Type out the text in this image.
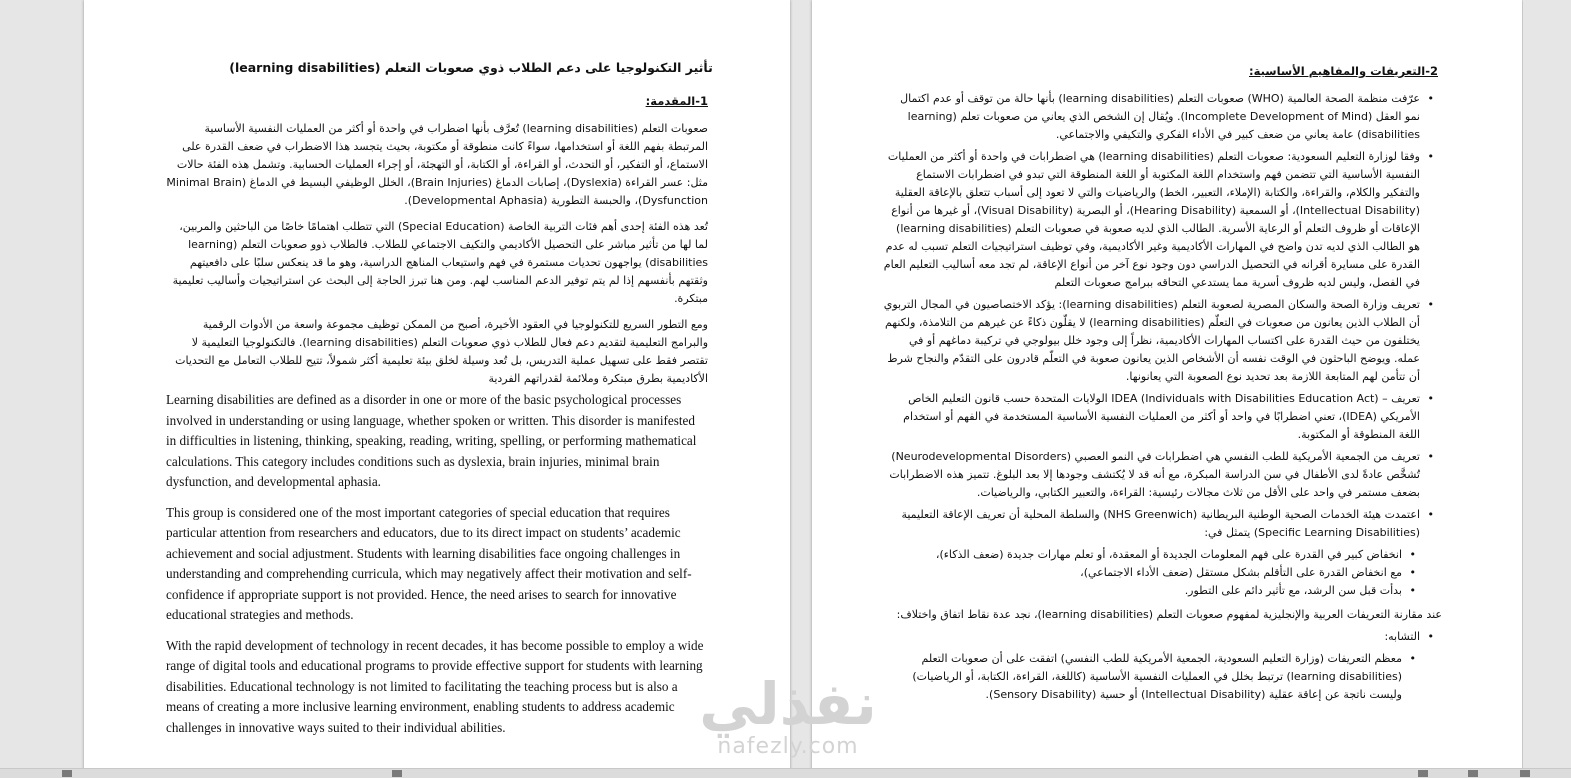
تأثير التكنولوجيا على دعم الطلاب ذوي صعوبات التعلم (learning disabilities)
1-المقدمة:

صعوبات التعلم (learning disabilities) تُعرَّف بأنها اضطراب في واحدة أو أكثر من العمليات النفسية الأساسية المرتبطة بفهم اللغة أو استخدامها، سواءً كانت منطوقة أو مكتوبة، بحيث يتجسد هذا الاضطراب في ضعف القدرة على الاستماع، أو التفكير، أو التحدث، أو القراءة، أو الكتابة، أو التهجئة، أو إجراء العمليات الحسابية. وتشمل هذه الفئة حالات مثل: عسر القراءة (Dyslexia)، إصابات الدماغ (Brain Injuries)، الخلل الوظيفي البسيط في الدماغ (Minimal Brain Dysfunction)، والحبسة التطورية (Developmental Aphasia).

تُعد هذه الفئة إحدى أهم فئات التربية الخاصة (Special Education) التي تتطلب اهتمامًا خاصًا من الباحثين والمربين، لما لها من تأثير مباشر على التحصيل الأكاديمي والتكيف الاجتماعي للطلاب. فالطلاب ذوو صعوبات التعلم (learning disabilities) يواجهون تحديات مستمرة في فهم واستيعاب المناهج الدراسية، وهو ما قد ينعكس سلبًا على دافعيتهم وثقتهم بأنفسهم إذا لم يتم توفير الدعم المناسب لهم. ومن هنا تبرز الحاجة إلى البحث عن استراتيجيات وأساليب تعليمية مبتكرة.

ومع التطور السريع للتكنولوجيا في العقود الأخيرة، أصبح من الممكن توظيف مجموعة واسعة من الأدوات الرقمية والبرامج التعليمية لتقديم دعم فعال للطلاب ذوي صعوبات التعلم (learning disabilities). فالتكنولوجيا التعليمية لا تقتصر فقط على تسهيل عملية التدريس، بل تُعد وسيلة لخلق بيئة تعليمية أكثر شمولاً، تتيح للطلاب التعامل مع التحديات الأكاديمية بطرق مبتكرة وملائمة لقدراتهم الفردية

Learning disabilities are defined as a disorder in one or more of the basic psychological processes involved in understanding or using language, whether spoken or written. This disorder is manifested in difficulties in listening, thinking, speaking, reading, writing, spelling, or performing mathematical calculations. This category includes conditions such as dyslexia, brain injuries, minimal brain dysfunction, and developmental aphasia.

This group is considered one of the most important categories of special education that requires particular attention from researchers and educators, due to its direct impact on students’ academic achievement and social adjustment. Students with learning disabilities face ongoing challenges in understanding and comprehending curricula, which may negatively affect their motivation and self-confidence if appropriate support is not provided. Hence, the need arises to search for innovative educational strategies and methods.

With the rapid development of technology in recent decades, it has become possible to employ a wide range of digital tools and educational programs to provide effective support for students with learning disabilities. Educational technology is not limited to facilitating the teaching process but is also a means of creating a more inclusive learning environment, enabling students to address academic challenges in innovative ways suited to their individual abilities.

2-التعريفات والمفاهيم الأساسية:
• عرّفت منظمة الصحة العالمية (WHO) صعوبات التعلم (learning disabilities) بأنها حالة من توقف أو عدم اكتمال نمو العقل (Incomplete Development of Mind). ويُقال إن الشخص الذي يعاني من صعوبات تعلم (learning disabilities) عامة يعاني من ضعف كبير في الأداء الفكري والتكيفي والاجتماعي.
• وفقا لوزارة التعليم السعودية: صعوبات التعلم (learning disabilities) هي اضطرابات في واحدة أو أكثر من العمليات النفسية الأساسية التي تتضمن فهم واستخدام اللغة المكتوبة أو اللغة المنطوقة التي تبدو في اضطرابات الاستماع والتفكير والكلام، والقراءة، والكتابة (الإملاء، التعبير، الخط) والرياضيات والتي لا تعود إلى أسباب تتعلق بالإعاقة العقلية (Intellectual Disability)، أو السمعية (Hearing Disability)، أو البصرية (Visual Disability)، أو غيرها من أنواع الإعاقات أو ظروف التعلم أو الرعاية الأسرية. الطالب الذي لديه صعوبة في صعوبات التعلم (learning disabilities) هو الطالب الذي لديه تدن واضح في المهارات الأكاديمية وغير الأكاديمية، وفي توظيف استراتيجيات التعلم تسبب له عدم القدرة على مسايرة أقرانه في التحصيل الدراسي دون وجود نوع آخر من أنواع الإعاقة، لم تجد معه أساليب التعليم العام في الفصل، وليس لديه ظروف أسرية مما يستدعي التحاقه ببرامج صعوبات التعلم
• تعريف وزارة الصحة والسكان المصرية لصعوبة التعلم (learning disabilities): يؤكد الاختصاصيون في المجال التربوي أن الطلاب الذين يعانون من صعوبات في التعلّم (learning disabilities) لا يقلّون ذكاءً عن غيرهم من التلامذة، ولكنهم يختلفون من حيث القدرة على اكتساب المهارات الأكاديمية، نظراً إلى وجود خلل بيولوجي في تركيبة دماغهم أو في عمله. ويوضح الباحثون في الوقت نفسه أن الأشخاص الذين يعانون صعوبة في التعلّم قادرون على التقدّم والنجاح شرط أن تتأمن لهم المتابعة اللازمة بعد تحديد نوع الصعوبة التي يعانونها.
• تعريف – IDEA (Individuals with Disabilities Education Act) الولايات المتحدة حسب قانون التعليم الخاص الأمريكي (IDEA)، تعني اضطرابًا في واحد أو أكثر من العمليات النفسية الأساسية المستخدمة في الفهم أو استخدام اللغة المنطوقة أو المكتوبة.
• تعريف من الجمعية الأمريكية للطب النفسي هي اضطرابات في النمو العصبي (Neurodevelopmental Disorders) تُشخَّص عادةً لدى الأطفال في سن الدراسة المبكرة، مع أنه قد لا يُكتشف وجودها إلا بعد البلوغ. تتميز هذه الاضطرابات بضعف مستمر في واحد على الأقل من ثلاث مجالات رئيسية: القراءة، والتعبير الكتابي، والرياضيات.
• اعتمدت هيئة الخدمات الصحية الوطنية البريطانية (NHS Greenwich) والسلطة المحلية أن تعريف الإعاقة التعليمية (Specific Learning Disabilities) يتمثل في:
• انخفاض كبير في القدرة على فهم المعلومات الجديدة أو المعقدة، أو تعلم مهارات جديدة (ضعف الذكاء)،
• مع انخفاض القدرة على التأقلم بشكل مستقل (ضعف الأداء الاجتماعي)،
• بدأت قبل سن الرشد، مع تأثير دائم على التطور.

عند مقارنة التعريفات العربية والإنجليزية لمفهوم صعوبات التعلم (learning disabilities)، نجد عدة نقاط اتفاق واختلاف:

• التشابه:
• معظم التعريفات (وزارة التعليم السعودية، الجمعية الأمريكية للطب النفسي) اتفقت على أن صعوبات التعلم (learning disabilities) ترتبط بخلل في العمليات النفسية الأساسية (كاللغة، القراءة، الكتابة، أو الرياضيات) وليست ناتجة عن إعاقة عقلية (Intellectual Disability) أو حسية (Sensory Disability).
نفذلي
nafezly.com
